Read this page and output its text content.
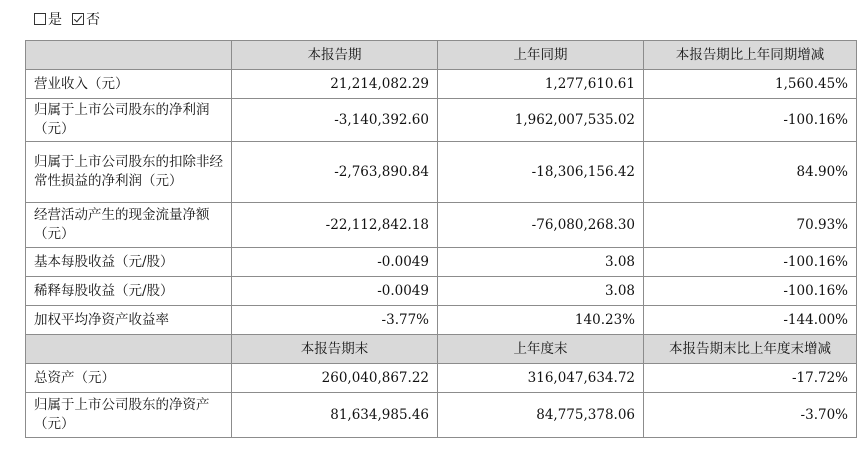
是 否
	本报告期	上年同期	本报告期比上年同期增减
营业收入（元）	21,214,082.29	1,277,610.61	1,560.45%
归属于上市公司股东的净利润（元）	-3,140,392.60	1,962,007,535.02	-100.16%
归属于上市公司股东的扣除非经常性损益的净利润（元）	-2,763,890.84	-18,306,156.42	84.90%
经营活动产生的现金流量净额（元）	-22,112,842.18	-76,080,268.30	70.93%
基本每股收益（元/股）	-0.0049	3.08	-100.16%
稀释每股收益（元/股）	-0.0049	3.08	-100.16%
加权平均净资产收益率	-3.77%	140.23%	-144.00%
	本报告期末	上年度末	本报告期末比上年度末增减
总资产（元）	260,040,867.22	316,047,634.72	-17.72%
归属于上市公司股东的净资产（元）	81,634,985.46	84,775,378.06	-3.70%
